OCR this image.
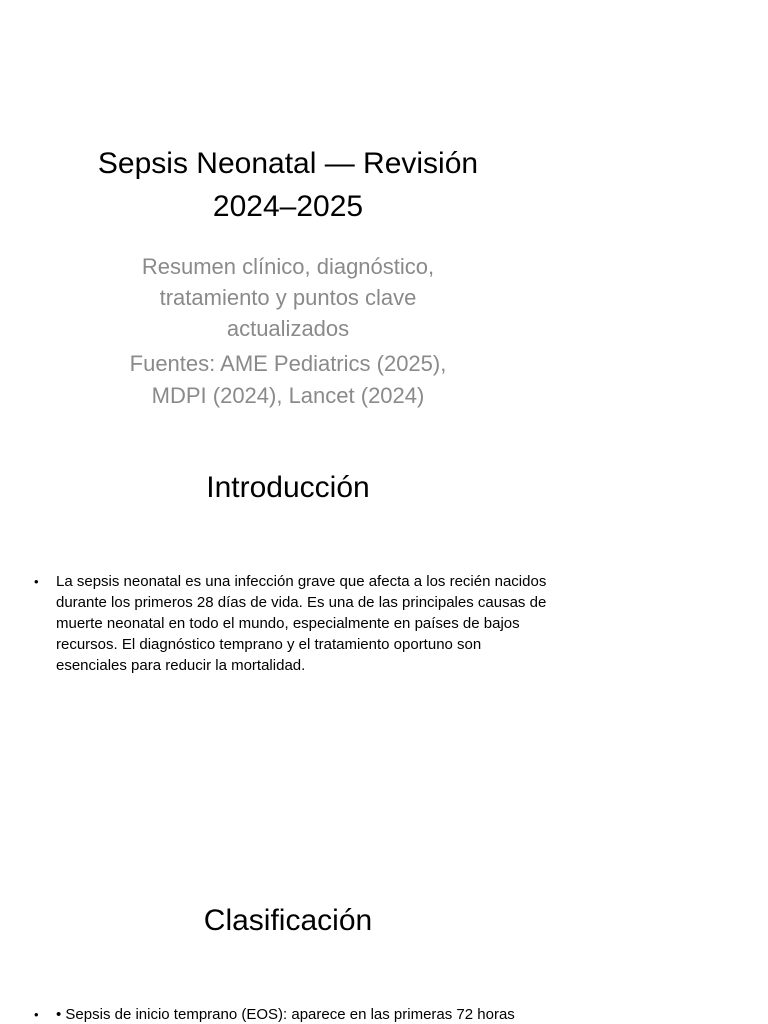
Sepsis Neonatal — Revisión
2024–2025

Resumen clínico, diagnóstico, tratamiento y puntos clave actualizados

Fuentes: AME Pediatrics (2025), MDPI (2024), Lancet (2024)

Introducción
• La sepsis neonatal es una infección grave que afecta a los recién nacidos durante los primeros 28 días de vida. Es una de las principales causas de muerte neonatal en todo el mundo, especialmente en países de bajos recursos. El diagnóstico temprano y el tratamiento oportuno son esenciales para reducir la mortalidad.
Clasificación
• • Sepsis de inicio temprano (EOS): aparece en las primeras 72 horas
